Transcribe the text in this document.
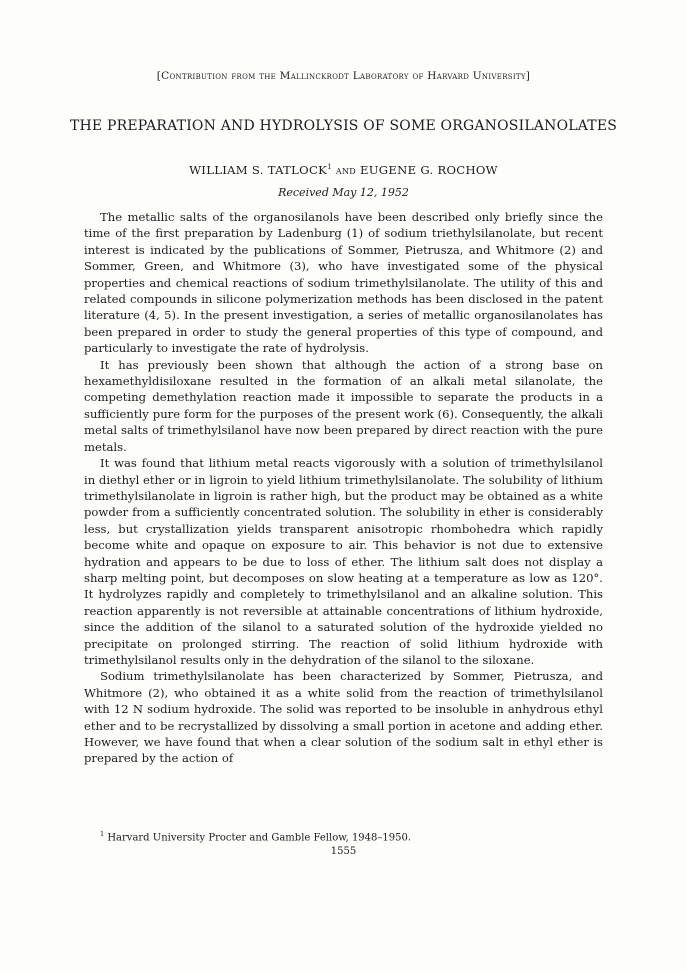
[Contribution from the Mallinckrodt Laboratory of Harvard University]
THE PREPARATION AND HYDROLYSIS OF SOME ORGANOSILANOLATES
WILLIAM S. TATLOCK$^1$ and EUGENE G. ROCHOW
Received May 12, 1952

The metallic salts of the organosilanols have been described only briefly since the time of the first preparation by Ladenburg (1) of sodium triethylsilanolate, but recent interest is indicated by the publications of Sommer, Pietrusza, and Whitmore (2) and Sommer, Green, and Whitmore (3), who have investigated some of the physical properties and chemical reactions of sodium trimethylsilanolate. The utility of this and related compounds in silicone polymerization methods has been disclosed in the patent literature (4, 5). In the present investigation, a series of metallic organosilanolates has been prepared in order to study the general properties of this type of compound, and particularly to investigate the rate of hydrolysis.

It has previously been shown that although the action of a strong base on hexamethyldisiloxane resulted in the formation of an alkali metal silanolate, the competing demethylation reaction made it impossible to separate the products in a sufficiently pure form for the purposes of the present work (6). Consequently, the alkali metal salts of trimethylsilanol have now been prepared by direct reaction with the pure metals.

It was found that lithium metal reacts vigorously with a solution of trimethylsilanol in diethyl ether or in ligroin to yield lithium trimethylsilanolate. The solubility of lithium trimethylsilanolate in ligroin is rather high, but the product may be obtained as a white powder from a sufficiently concentrated solution. The solubility in ether is considerably less, but crystallization yields transparent anisotropic rhombohedra which rapidly become white and opaque on exposure to air. This behavior is not due to extensive hydration and appears to be due to loss of ether. The lithium salt does not display a sharp melting point, but decomposes on slow heating at a temperature as low as 120°. It hydrolyzes rapidly and completely to trimethylsilanol and an alkaline solution. This reaction apparently is not reversible at attainable concentrations of lithium hydroxide, since the addition of the silanol to a saturated solution of the hydroxide yielded no precipitate on prolonged stirring. The reaction of solid lithium hydroxide with trimethylsilanol results only in the dehydration of the silanol to the siloxane.

Sodium trimethylsilanolate has been characterized by Sommer, Pietrusza, and Whitmore (2), who obtained it as a white solid from the reaction of trimethylsilanol with 12 N sodium hydroxide. The solid was reported to be insoluble in anhydrous ethyl ether and to be recrystallized by dissolving a small portion in acetone and adding ether. However, we have found that when a clear solution of the sodium salt in ethyl ether is prepared by the action of

$^1$ Harvard University Procter and Gamble Fellow, 1948–1950.
1555
